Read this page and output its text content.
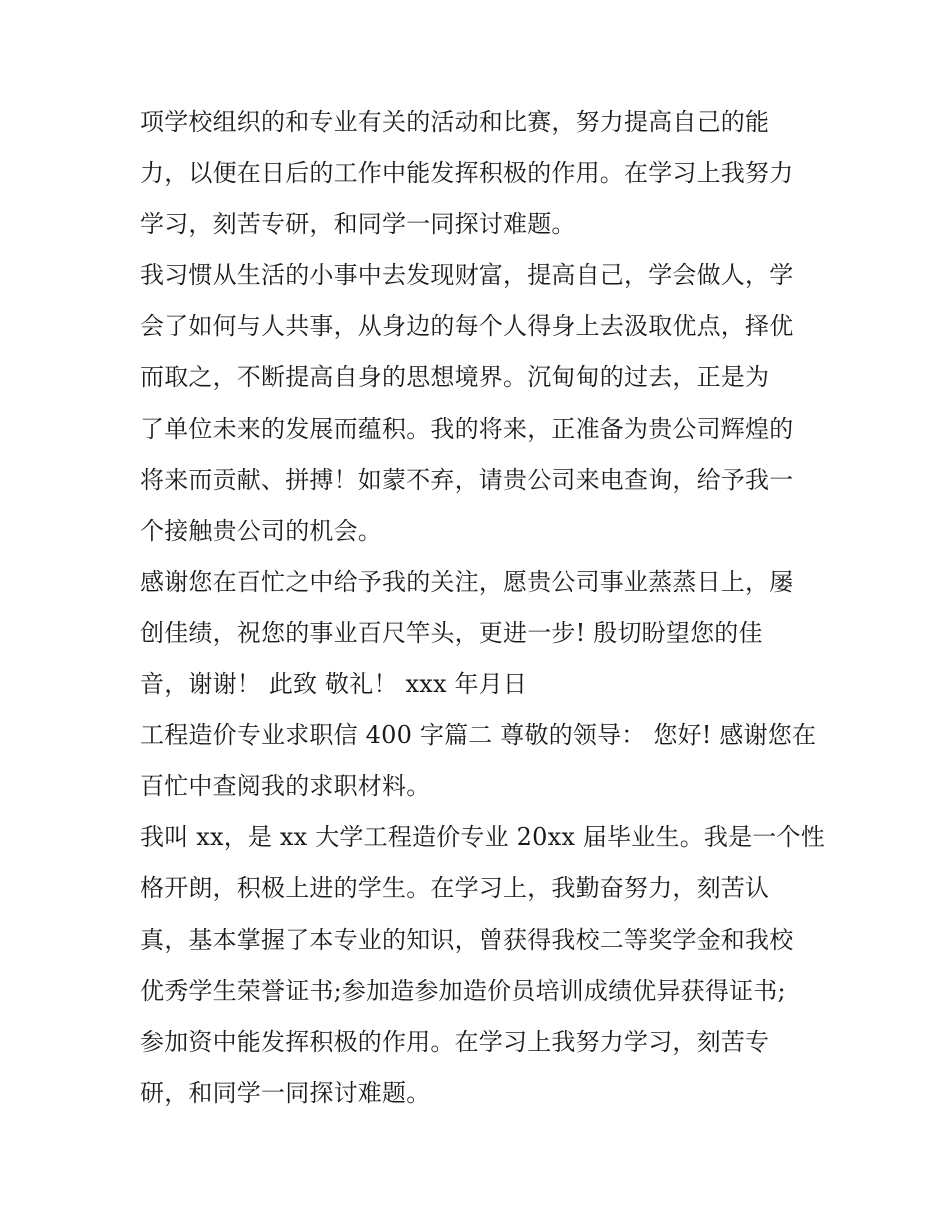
项学校组织的和专业有关的活动和比赛，努力提高自己的能
力，以便在日后的工作中能发挥积极的作用。在学习上我努力
学习，刻苦专研，和同学一同探讨难题。
我习惯从生活的小事中去发现财富，提高自己，学会做人，学
会了如何与人共事，从身边的每个人得身上去汲取优点，择优
而取之，不断提高自身的思想境界。沉甸甸的过去，正是为
了单位未来的发展而蕴积。我的将来，正准备为贵公司辉煌的
将来而贡献、拼搏！如蒙不弃，请贵公司来电查询，给予我一
个接触贵公司的机会。
感谢您在百忙之中给予我的关注，愿贵公司事业蒸蒸日上，屡
创佳绩，祝您的事业百尺竿头，更进一步! 殷切盼望您的佳
音，谢谢！ 此致 敬礼！ xxx 年月日
工程造价专业求职信 400 字篇二 尊敬的领导： 您好! 感谢您在
百忙中查阅我的求职材料。
我叫 xx，是 xx 大学工程造价专业 20xx 届毕业生。我是一个性
格开朗，积极上进的学生。在学习上，我勤奋努力，刻苦认
真，基本掌握了本专业的知识，曾获得我校二等奖学金和我校
优秀学生荣誉证书;参加造参加造价员培训成绩优异获得证书;
参加资中能发挥积极的作用。在学习上我努力学习，刻苦专
研，和同学一同探讨难题。
